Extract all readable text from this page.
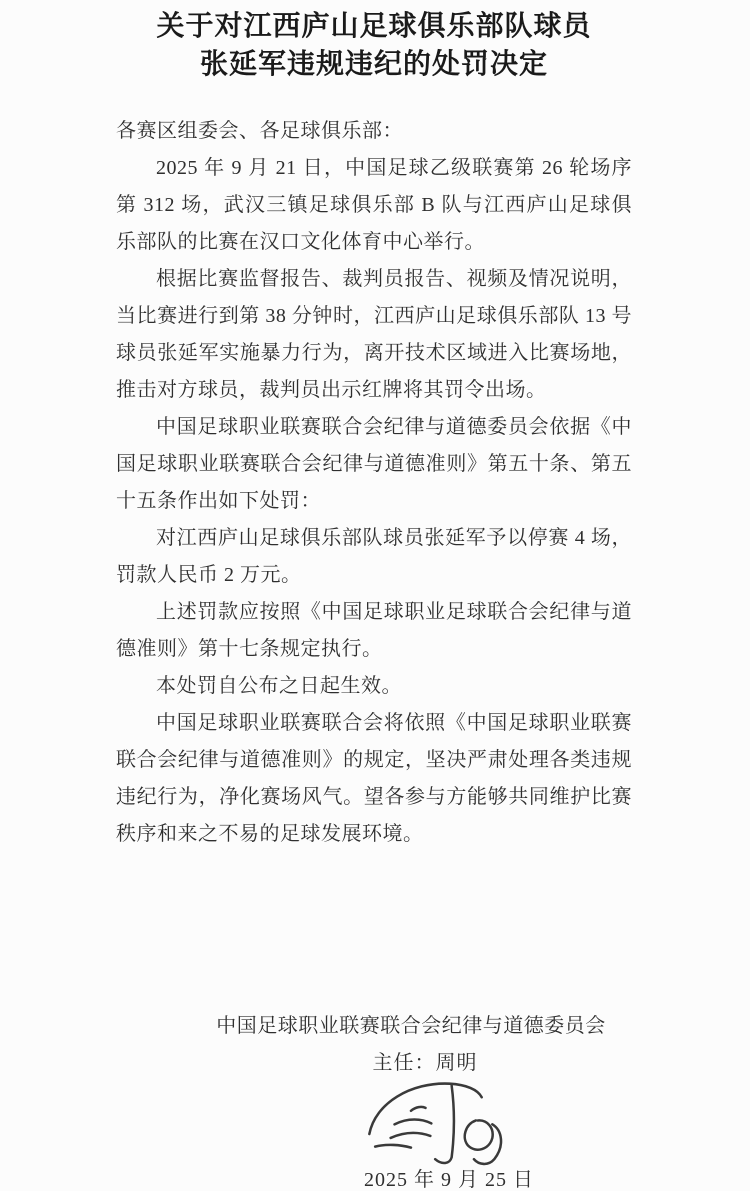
关于对江西庐山足球俱乐部队球员
张延军违规违纪的处罚决定
各赛区组委会、各足球俱乐部：

2025 年 9 月 21 日，中国足球乙级联赛第 26 轮场序第 312 场，武汉三镇足球俱乐部 B 队与江西庐山足球俱乐部队的比赛在汉口文化体育中心举行。

根据比赛监督报告、裁判员报告、视频及情况说明，当比赛进行到第 38 分钟时，江西庐山足球俱乐部队 13 号球员张延军实施暴力行为，离开技术区域进入比赛场地，推击对方球员，裁判员出示红牌将其罚令出场。

中国足球职业联赛联合会纪律与道德委员会依据《中国足球职业联赛联合会纪律与道德准则》第五十条、第五十五条作出如下处罚：

对江西庐山足球俱乐部队球员张延军予以停赛 4 场，罚款人民币 2 万元。

上述罚款应按照《中国足球职业足球联合会纪律与道德准则》第十七条规定执行。

本处罚自公布之日起生效。

中国足球职业联赛联合会将依照《中国足球职业联赛联合会纪律与道德准则》的规定，坚决严肃处理各类违规违纪行为，净化赛场风气。望各参与方能够共同维护比赛秩序和来之不易的足球发展环境。

中国足球职业联赛联合会纪律与道德委员会
主任：周明
2025 年 9 月 25 日
